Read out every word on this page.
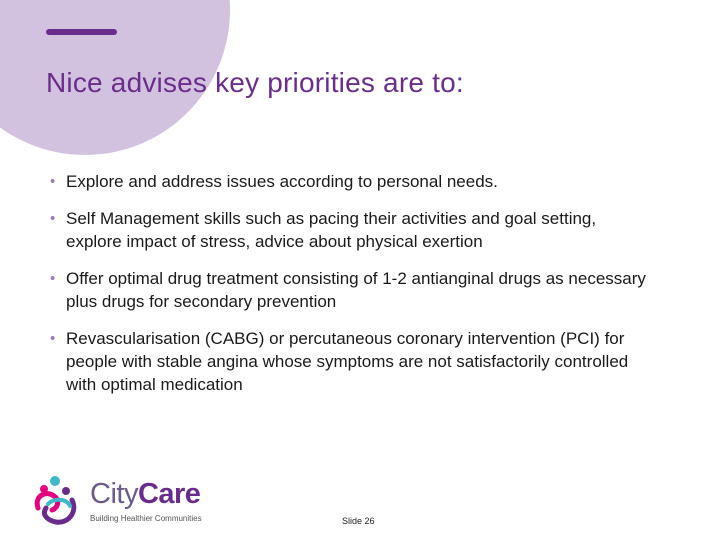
Nice advises key priorities are to:
• Explore and address issues according to personal needs.
• Self Management skills such as pacing their activities and goal setting, explore impact of stress, advice about physical exertion
• Offer optimal drug treatment consisting of 1-2 antianginal drugs as necessary plus drugs for secondary prevention
• Revascularisation (CABG) or percutaneous coronary intervention (PCI) for people with stable angina whose symptoms are not satisfactorily controlled with optimal medication
CityCare
Building Healthier Communities	Slide 26
